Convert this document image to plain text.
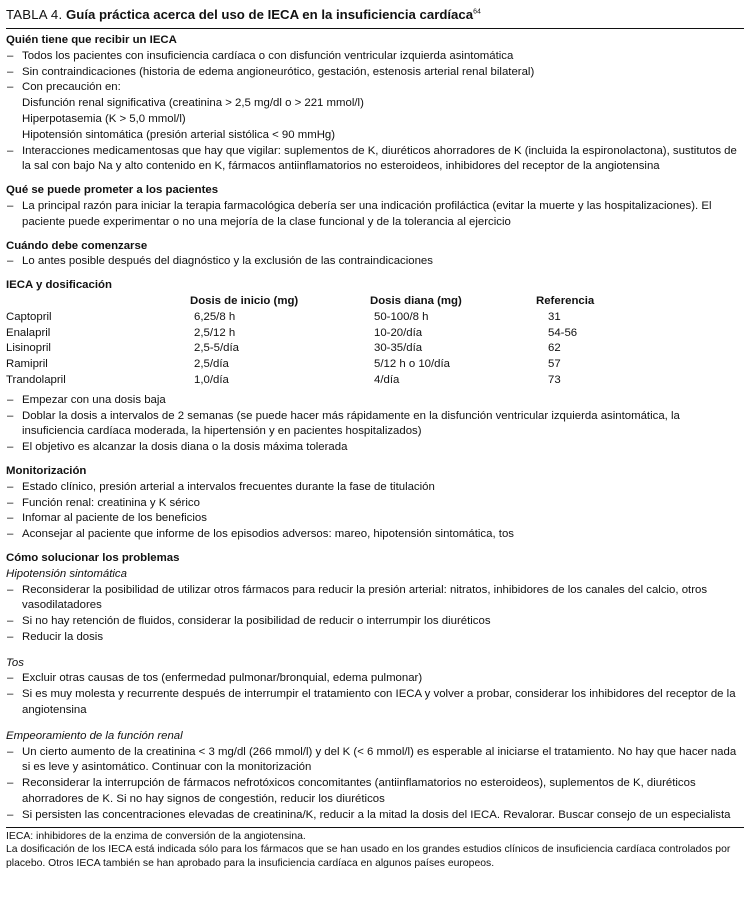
TABLA 4. Guía práctica acerca del uso de IECA en la insuficiencia cardíaca$^{64}$
Quién tiene que recibir un IECA
– Todos los pacientes con insuficiencia cardíaca o con disfunción ventricular izquierda asintomática
– Sin contraindicaciones (historia de edema angioneurótico, gestación, estenosis arterial renal bilateral)
– Con precaución en:
Disfunción renal significativa (creatinina > 2,5 mg/dl o > 221 mmol/l)
Hiperpotasemia (K > 5,0 mmol/l)
Hipotensión sintomática (presión arterial sistólica < 90 mmHg)
– Interacciones medicamentosas que hay que vigilar: suplementos de K, diuréticos ahorradores de K (incluida la espironolactona), sustitutos de la sal con bajo Na y alto contenido en K, fármacos antiinflamatorios no esteroideos, inhibidores del receptor de la angiotensina
Qué se puede prometer a los pacientes
– La principal razón para iniciar la terapia farmacológica debería ser una indicación profiláctica (evitar la muerte y las hospitalizaciones). El paciente puede experimentar o no una mejoría de la clase funcional y de la tolerancia al ejercicio
Cuándo debe comenzarse
– Lo antes posible después del diagnóstico y la exclusión de las contraindicaciones
IECA y dosificación
	Dosis de inicio (mg)	Dosis diana (mg)	Referencia
Captopril	6,25/8 h	50-100/8 h	31
Enalapril	2,5/12 h	10-20/día	54-56
Lisinopril	2,5-5/día	30-35/día	62
Ramipril	2,5/día	5/12 h o 10/día	57
Trandolapril	1,0/día	4/día	73
– Empezar con una dosis baja
– Doblar la dosis a intervalos de 2 semanas (se puede hacer más rápidamente en la disfunción ventricular izquierda asintomática, la insuficiencia cardíaca moderada, la hipertensión y en pacientes hospitalizados)
– El objetivo es alcanzar la dosis diana o la dosis máxima tolerada
Monitorización
– Estado clínico, presión arterial a intervalos frecuentes durante la fase de titulación
– Función renal: creatinina y K sérico
– Infomar al paciente de los beneficios
– Aconsejar al paciente que informe de los episodios adversos: mareo, hipotensión sintomática, tos
Cómo solucionar los problemas
Hipotensión sintomática
– Reconsiderar la posibilidad de utilizar otros fármacos para reducir la presión arterial: nitratos, inhibidores de los canales del calcio, otros vasodilatadores
– Si no hay retención de fluidos, considerar la posibilidad de reducir o interrumpir los diuréticos
– Reducir la dosis
Tos
– Excluir otras causas de tos (enfermedad pulmonar/bronquial, edema pulmonar)
– Si es muy molesta y recurrente después de interrumpir el tratamiento con IECA y volver a probar, considerar los inhibidores del receptor de la angiotensina
Empeoramiento de la función renal
– Un cierto aumento de la creatinina < 3 mg/dl (266 mmol/l) y del K (< 6 mmol/l) es esperable al iniciarse el tratamiento. No hay que hacer nada si es leve y asintomático. Continuar con la monitorización
– Reconsiderar la interrupción de fármacos nefrotóxicos concomitantes (antiinflamatorios no esteroideos), suplementos de K, diuréticos ahorradores de K. Si no hay signos de congestión, reducir los diuréticos
– Si persisten las concentraciones elevadas de creatinina/K, reducir a la mitad la dosis del IECA. Revalorar. Buscar consejo de un especialista

IECA: inhibidores de la enzima de conversión de la angiotensina.

La dosificación de los IECA está indicada sólo para los fármacos que se han usado en los grandes estudios clínicos de insuficiencia cardíaca controlados por placebo. Otros IECA también se han aprobado para la insuficiencia cardíaca en algunos países europeos.
